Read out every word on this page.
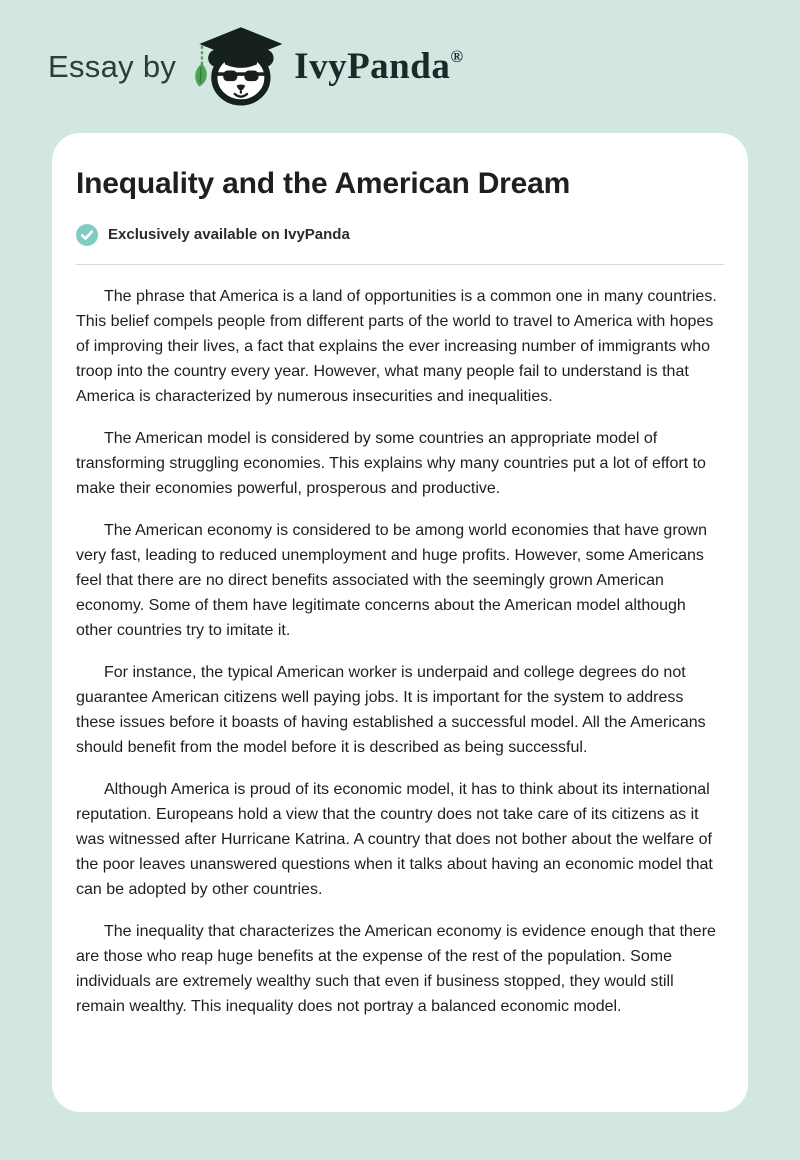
Essay by	IvyPanda®
Inequality and the American Dream
Exclusively available on IvyPanda

The phrase that America is a land of opportunities is a common one in many countries. This belief compels people from different parts of the world to travel to America with hopes of improving their lives, a fact that explains the ever increasing number of immigrants who troop into the country every year. However, what many people fail to understand is that America is characterized by numerous insecurities and inequalities.

The American model is considered by some countries an appropriate model of transforming struggling economies. This explains why many countries put a lot of effort to make their economies powerful, prosperous and productive.

The American economy is considered to be among world economies that have grown very fast, leading to reduced unemployment and huge profits. However, some Americans feel that there are no direct benefits associated with the seemingly grown American economy. Some of them have legitimate concerns about the American model although other countries try to imitate it.

For instance, the typical American worker is underpaid and college degrees do not guarantee American citizens well paying jobs. It is important for the system to address these issues before it boasts of having established a successful model. All the Americans should benefit from the model before it is described as being successful.

Although America is proud of its economic model, it has to think about its international reputation. Europeans hold a view that the country does not take care of its citizens as it was witnessed after Hurricane Katrina. A country that does not bother about the welfare of the poor leaves unanswered questions when it talks about having an economic model that can be adopted by other countries.

The inequality that characterizes the American economy is evidence enough that there are those who reap huge benefits at the expense of the rest of the population. Some individuals are extremely wealthy such that even if business stopped, they would still remain wealthy. This inequality does not portray a balanced economic model.
